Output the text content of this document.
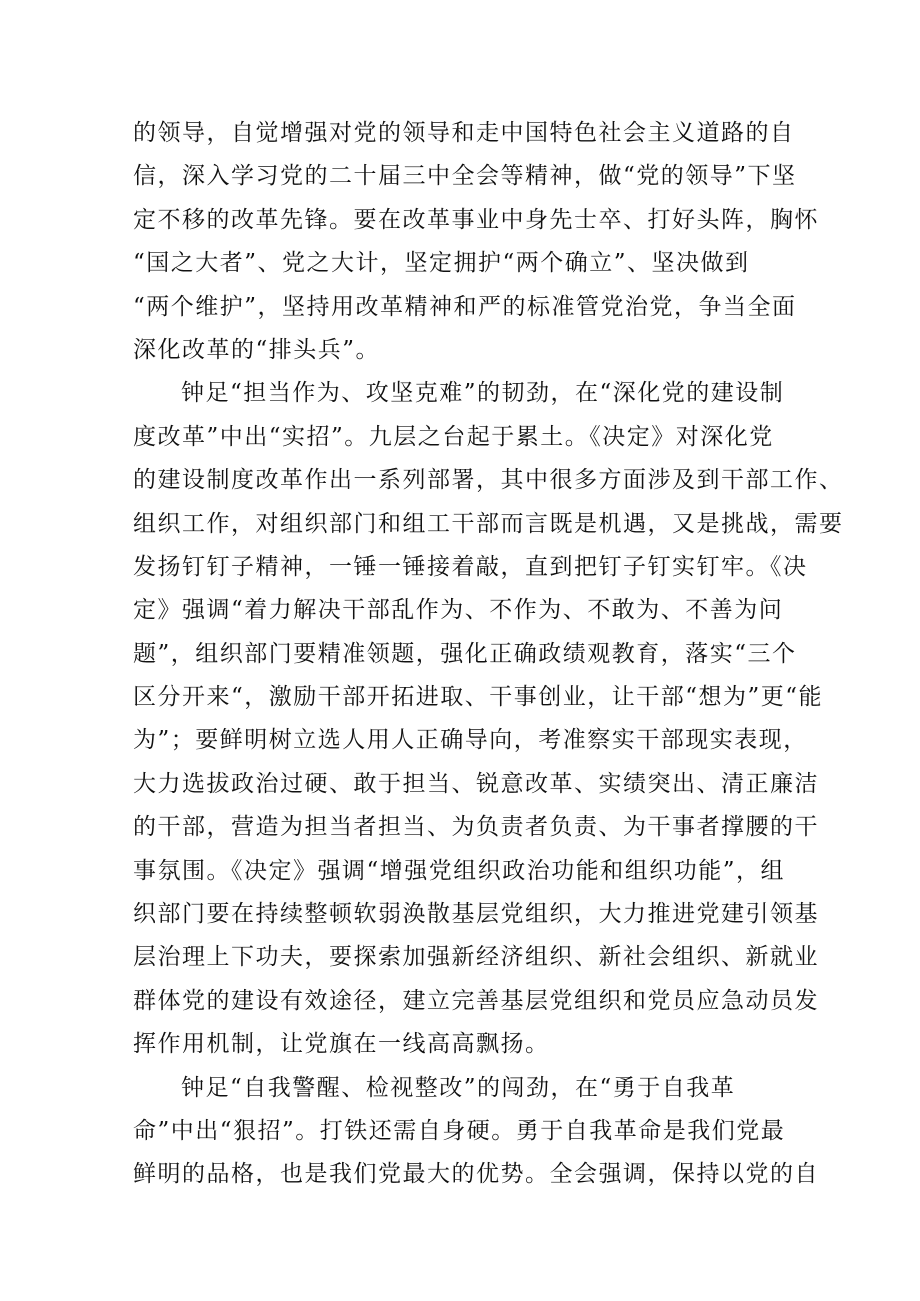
的领导，自觉增强对党的领导和走中国特色社会主义道路的自
信，深入学习党的二十届三中全会等精神，做“党的领导”下坚
定不移的改革先锋。要在改革事业中身先士卒、打好头阵，胸怀
“国之大者”、党之大计，坚定拥护“两个确立”、坚决做到
“两个维护”，坚持用改革精神和严的标准管党治党，争当全面
深化改革的“排头兵”。
钟足“担当作为、攻坚克难”的韧劲，在“深化党的建设制
度改革”中出“实招”。九层之台起于累土。《决定》对深化党
的建设制度改革作出一系列部署，其中很多方面涉及到干部工作、
组织工作，对组织部门和组工干部而言既是机遇，又是挑战，需要
发扬钉钉子精神，一锤一锤接着敲，直到把钉子钉实钉牢。《决
定》强调“着力解决干部乱作为、不作为、不敢为、不善为问
题”，组织部门要精准领题，强化正确政绩观教育，落实“三个
区分开来“，激励干部开拓进取、干事创业，让干部“想为”更“能
为”；要鲜明树立选人用人正确导向，考准察实干部现实表现，
大力选拔政治过硬、敢于担当、锐意改革、实绩突出、清正廉洁
的干部，营造为担当者担当、为负责者负责、为干事者撑腰的干
事氛围。《决定》强调“增强党组织政治功能和组织功能”，组
织部门要在持续整顿软弱涣散基层党组织，大力推进党建引领基
层治理上下功夫，要探索加强新经济组织、新社会组织、新就业
群体党的建设有效途径，建立完善基层党组织和党员应急动员发
挥作用机制，让党旗在一线高高飘扬。
钟足“自我警醒、检视整改”的闯劲，在“勇于自我革
命”中出“狠招”。打铁还需自身硬。勇于自我革命是我们党最
鲜明的品格，也是我们党最大的优势。全会强调，保持以党的自
